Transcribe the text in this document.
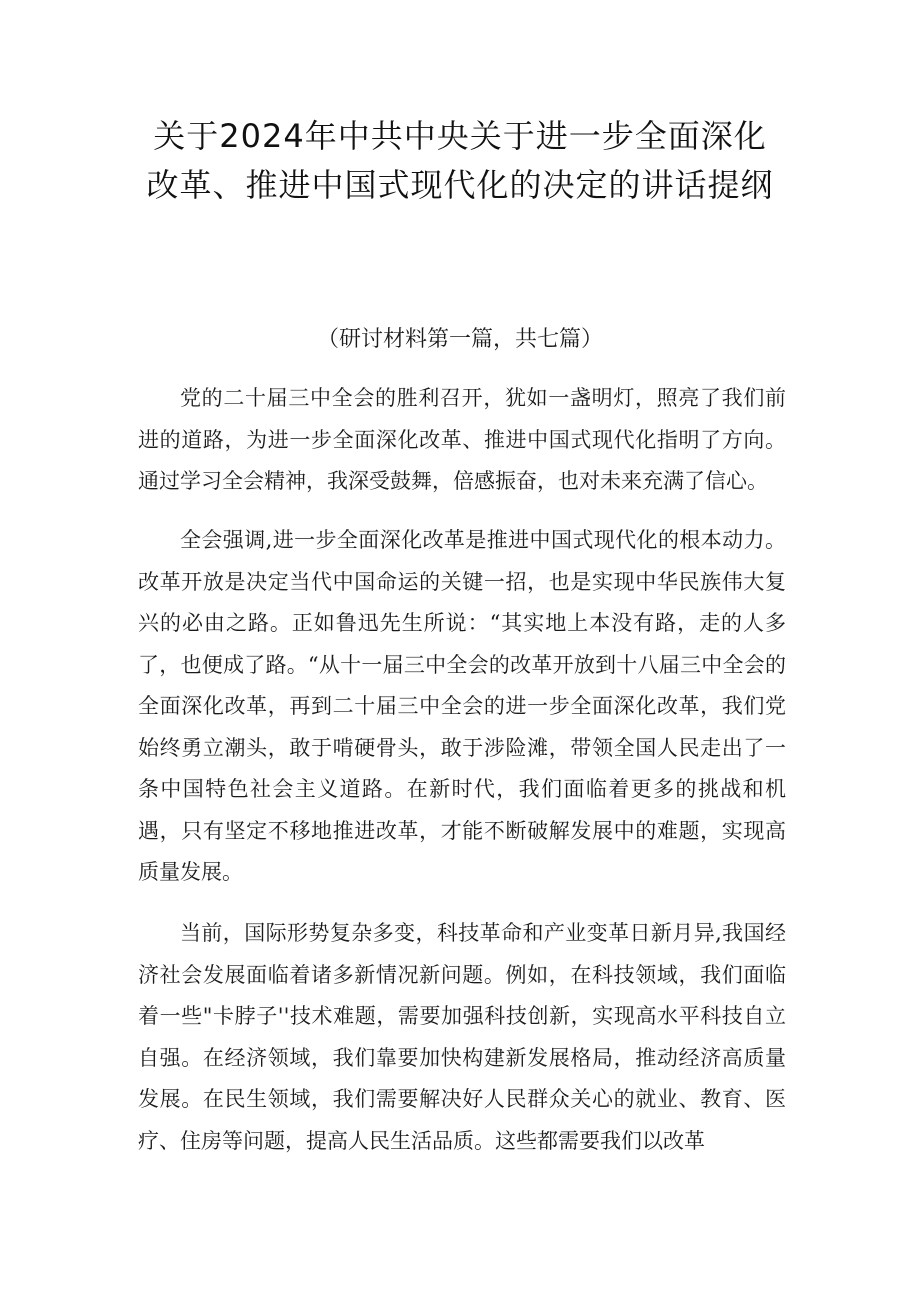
关于2024年中共中央关于进一步全面深化改革、推进中国式现代化的决定的讲话提纲

（研讨材料第一篇，共七篇）

党的二十届三中全会的胜利召开，犹如一盏明灯，照亮了我们前进的道路，为进一步全面深化改革、推进中国式现代化指明了方向。通过学习全会精神，我深受鼓舞，倍感振奋，也对未来充满了信心。

全会强调,进一步全面深化改革是推进中国式现代化的根本动力。改革开放是决定当代中国命运的关键一招，也是实现中华民族伟大复兴的必由之路。正如鲁迅先生所说：“其实地上本没有路，走的人多了，也便成了路。“从十一届三中全会的改革开放到十八届三中全会的全面深化改革，再到二十届三中全会的进一步全面深化改革，我们党始终勇立潮头，敢于啃硬骨头，敢于涉险滩，带领全国人民走出了一条中国特色社会主义道路。在新时代，我们面临着更多的挑战和机遇，只有坚定不移地推进改革，才能不断破解发展中的难题，实现高质量发展。

当前，国际形势复杂多变，科技革命和产业变革日新月异,我国经济社会发展面临着诸多新情况新问题。例如，在科技领域，我们面临着一些"卡脖子''技术难题，需要加强科技创新，实现高水平科技自立自强。在经济领域，我们靠要加快构建新发展格局，推动经济高质量发展。在民生领域，我们需要解决好人民群众关心的就业、教育、医疗、住房等问题，提高人民生活品质。这些都需要我们以改革
